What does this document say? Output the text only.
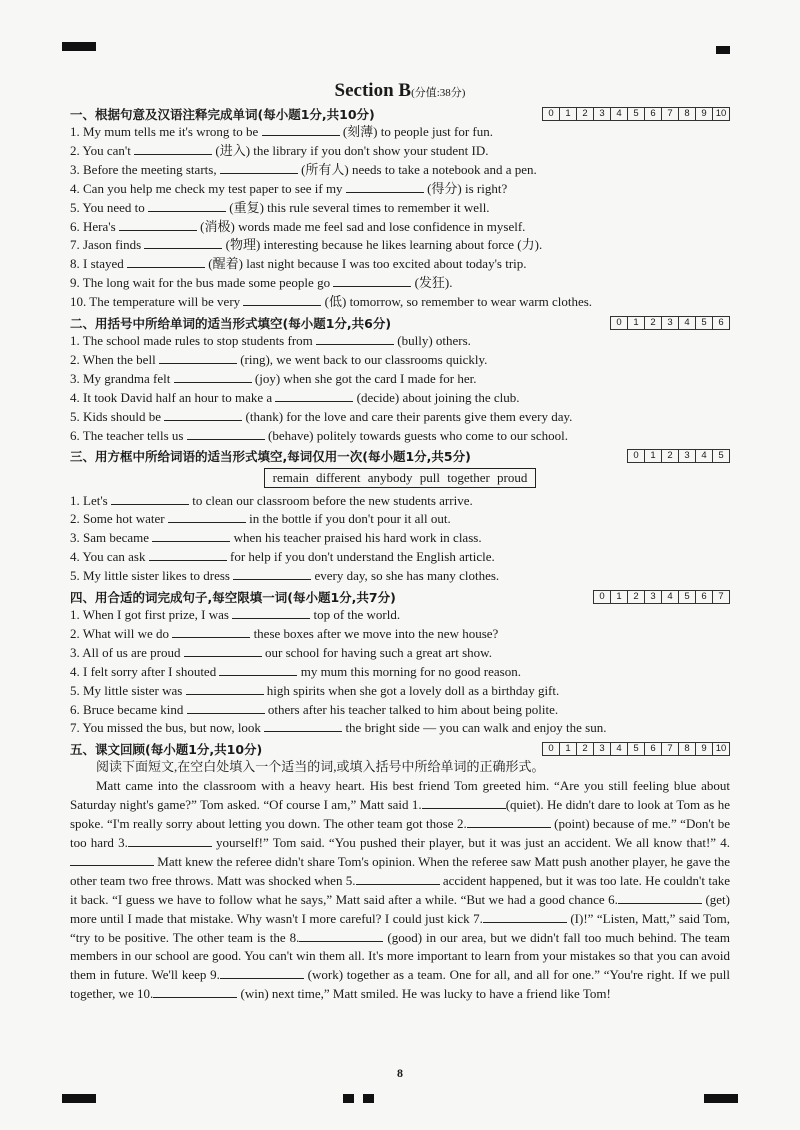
Section B(分值:38分)
一、根据句意及汉语注释完成单词(每小题1分,共10分)	0	1	2	3	4	5	6	7	8	9	10
1. My mum tells me it's wrong to be	(刻薄) to people just for fun.
2. You can't	(进入) the library if you don't show your student ID.
3. Before the meeting starts,	(所有人) needs to take a notebook and a pen.
4. Can you help me check my test paper to see if my	(得分) is right?
5. You need to	(重复) this rule several times to remember it well.
6. Hera's	(消极) words made me feel sad and lose confidence in myself.
7. Jason finds	(物理) interesting because he likes learning about force (力).
8. I stayed	(醒着) last night because I was too excited about today's trip.
9. The long wait for the bus made some people go	(发狂).
10. The temperature will be very	(低) tomorrow, so remember to wear warm clothes.
二、用括号中所给单词的适当形式填空(每小题1分,共6分)	0	1	2	3	4	5	6
1. The school made rules to stop students from	(bully) others.
2. When the bell	(ring), we went back to our classrooms quickly.
3. My grandma felt	(joy) when she got the card I made for her.
4. It took David half an hour to make a	(decide) about joining the club.
5. Kids should be	(thank) for the love and care their parents give them every day.
6. The teacher tells us	(behave) politely towards guests who come to our school.
三、用方框中所给词语的适当形式填空,每词仅用一次(每小题1分,共5分)	0	1	2	3	4	5
remain different anybody pull together proud
1. Let's	to clean our classroom before the new students arrive.
2. Some hot water	in the bottle if you don't pour it all out.
3. Sam became	when his teacher praised his hard work in class.
4. You can ask	for help if you don't understand the English article.
5. My little sister likes to dress	every day, so she has many clothes.
四、用合适的词完成句子,每空限填一词(每小题1分,共7分)	0	1	2	3	4	5	6	7
1. When I got first prize, I was	top of the world.
2. What will we do	these boxes after we move into the new house?
3. All of us are proud	our school for having such a great art show.
4. I felt sorry after I shouted	my mum this morning for no good reason.
5. My little sister was	high spirits when she got a lovely doll as a birthday gift.
6. Bruce became kind	others after his teacher talked to him about being polite.
7. You missed the bus, but now, look	the bright side — you can walk and enjoy the sun.
五、课文回顾(每小题1分,共10分)	0	1	2	3	4	5	6	7	8	9	10
阅读下面短文,在空白处填入一个适当的词,或填入括号中所给单词的正确形式。
Matt came into the classroom with a heavy heart. His best friend Tom greeted him. “Are you still feeling blue about Saturday night's game?” Tom asked. “Of course I am,” Matt said 1.	(quiet). He didn't dare to look at Tom as he spoke. “I'm really sorry about letting you down. The other team got those 2.	(point) because of me.” “Don't be too hard 3.	yourself!” Tom said. “You pushed their player, but it was just an accident. We all know that!” 4. Matt knew the referee didn't share Tom's opinion. When the referee saw Matt push another player, he gave the other team two free throws. Matt was shocked when 5.	accident happened, but it was too late. He couldn't take it back. “I guess we have to follow what he says,” Matt said after a while. “But we had a good chance 6.	(get) more until I made that mistake. Why wasn't I more careful? I could just kick 7.	(I)!” “Listen, Matt,” said Tom, “try to be positive. The other team is the 8.	(good) in our area, but we didn't fall too much behind. The team members in our school are good. You can't win them all. It's more important to learn from your mistakes so that you can avoid them in future. We'll keep 9.	(work) together as a team. One for all, and all for one.” “You're right. If we pull together, we 10.	(win) next time,” Matt smiled. He was lucky to have a friend like Tom!
8
